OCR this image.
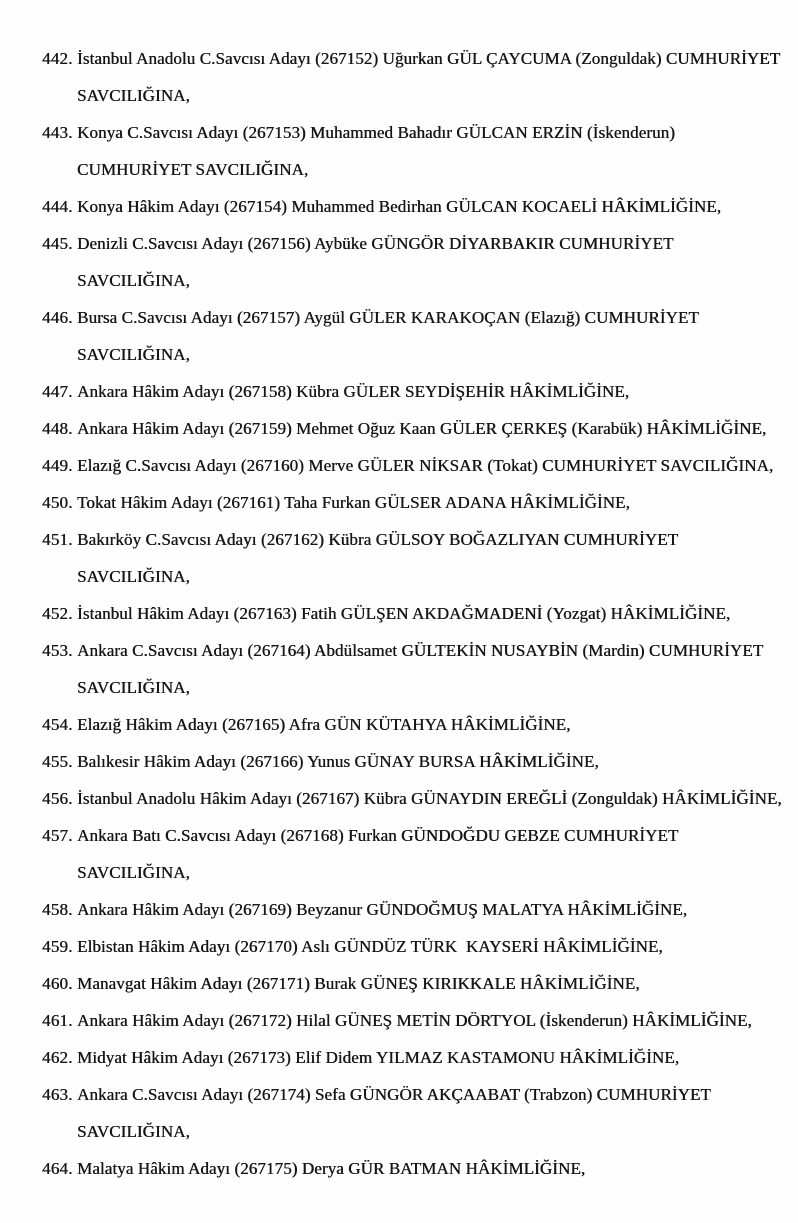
442. İstanbul Anadolu C.Savcısı Adayı (267152) Uğurkan GÜL ÇAYCUMA (Zonguldak) CUMHURİYET
SAVCILIĞINA,
443. Konya C.Savcısı Adayı (267153) Muhammed Bahadır GÜLCAN ERZİN (İskenderun)
CUMHURİYET SAVCILIĞINA,
444. Konya Hâkim Adayı (267154) Muhammed Bedirhan GÜLCAN KOCAELİ HÂKİMLİĞİNE,
445. Denizli C.Savcısı Adayı (267156) Aybüke GÜNGÖR DİYARBAKIR CUMHURİYET
SAVCILIĞINA,
446. Bursa C.Savcısı Adayı (267157) Aygül GÜLER KARAKOÇAN (Elazığ) CUMHURİYET
SAVCILIĞINA,
447. Ankara Hâkim Adayı (267158) Kübra GÜLER SEYDİŞEHİR HÂKİMLİĞİNE,
448. Ankara Hâkim Adayı (267159) Mehmet Oğuz Kaan GÜLER ÇERKEŞ (Karabük) HÂKİMLİĞİNE,
449. Elazığ C.Savcısı Adayı (267160) Merve GÜLER NİKSAR (Tokat) CUMHURİYET SAVCILIĞINA,
450. Tokat Hâkim Adayı (267161) Taha Furkan GÜLSER ADANA HÂKİMLİĞİNE,
451. Bakırköy C.Savcısı Adayı (267162) Kübra GÜLSOY BOĞAZLIYAN CUMHURİYET
SAVCILIĞINA,
452. İstanbul Hâkim Adayı (267163) Fatih GÜLŞEN AKDAĞMADENİ (Yozgat) HÂKİMLİĞİNE,
453. Ankara C.Savcısı Adayı (267164) Abdülsamet GÜLTEKİN NUSAYBİN (Mardin) CUMHURİYET
SAVCILIĞINA,
454. Elazığ Hâkim Adayı (267165) Afra GÜN KÜTAHYA HÂKİMLİĞİNE,
455. Balıkesir Hâkim Adayı (267166) Yunus GÜNAY BURSA HÂKİMLİĞİNE,
456. İstanbul Anadolu Hâkim Adayı (267167) Kübra GÜNAYDIN EREĞLİ (Zonguldak) HÂKİMLİĞİNE,
457. Ankara Batı C.Savcısı Adayı (267168) Furkan GÜNDOĞDU GEBZE CUMHURİYET
SAVCILIĞINA,
458. Ankara Hâkim Adayı (267169) Beyzanur GÜNDOĞMUŞ MALATYA HÂKİMLİĞİNE,
459. Elbistan Hâkim Adayı (267170) Aslı GÜNDÜZ TÜRK  KAYSERİ HÂKİMLİĞİNE,
460. Manavgat Hâkim Adayı (267171) Burak GÜNEŞ KIRIKKALE HÂKİMLİĞİNE,
461. Ankara Hâkim Adayı (267172) Hilal GÜNEŞ METİN DÖRTYOL (İskenderun) HÂKİMLİĞİNE,
462. Midyat Hâkim Adayı (267173) Elif Didem YILMAZ KASTAMONU HÂKİMLİĞİNE,
463. Ankara C.Savcısı Adayı (267174) Sefa GÜNGÖR AKÇAABAT (Trabzon) CUMHURİYET
SAVCILIĞINA,
464. Malatya Hâkim Adayı (267175) Derya GÜR BATMAN HÂKİMLİĞİNE,
